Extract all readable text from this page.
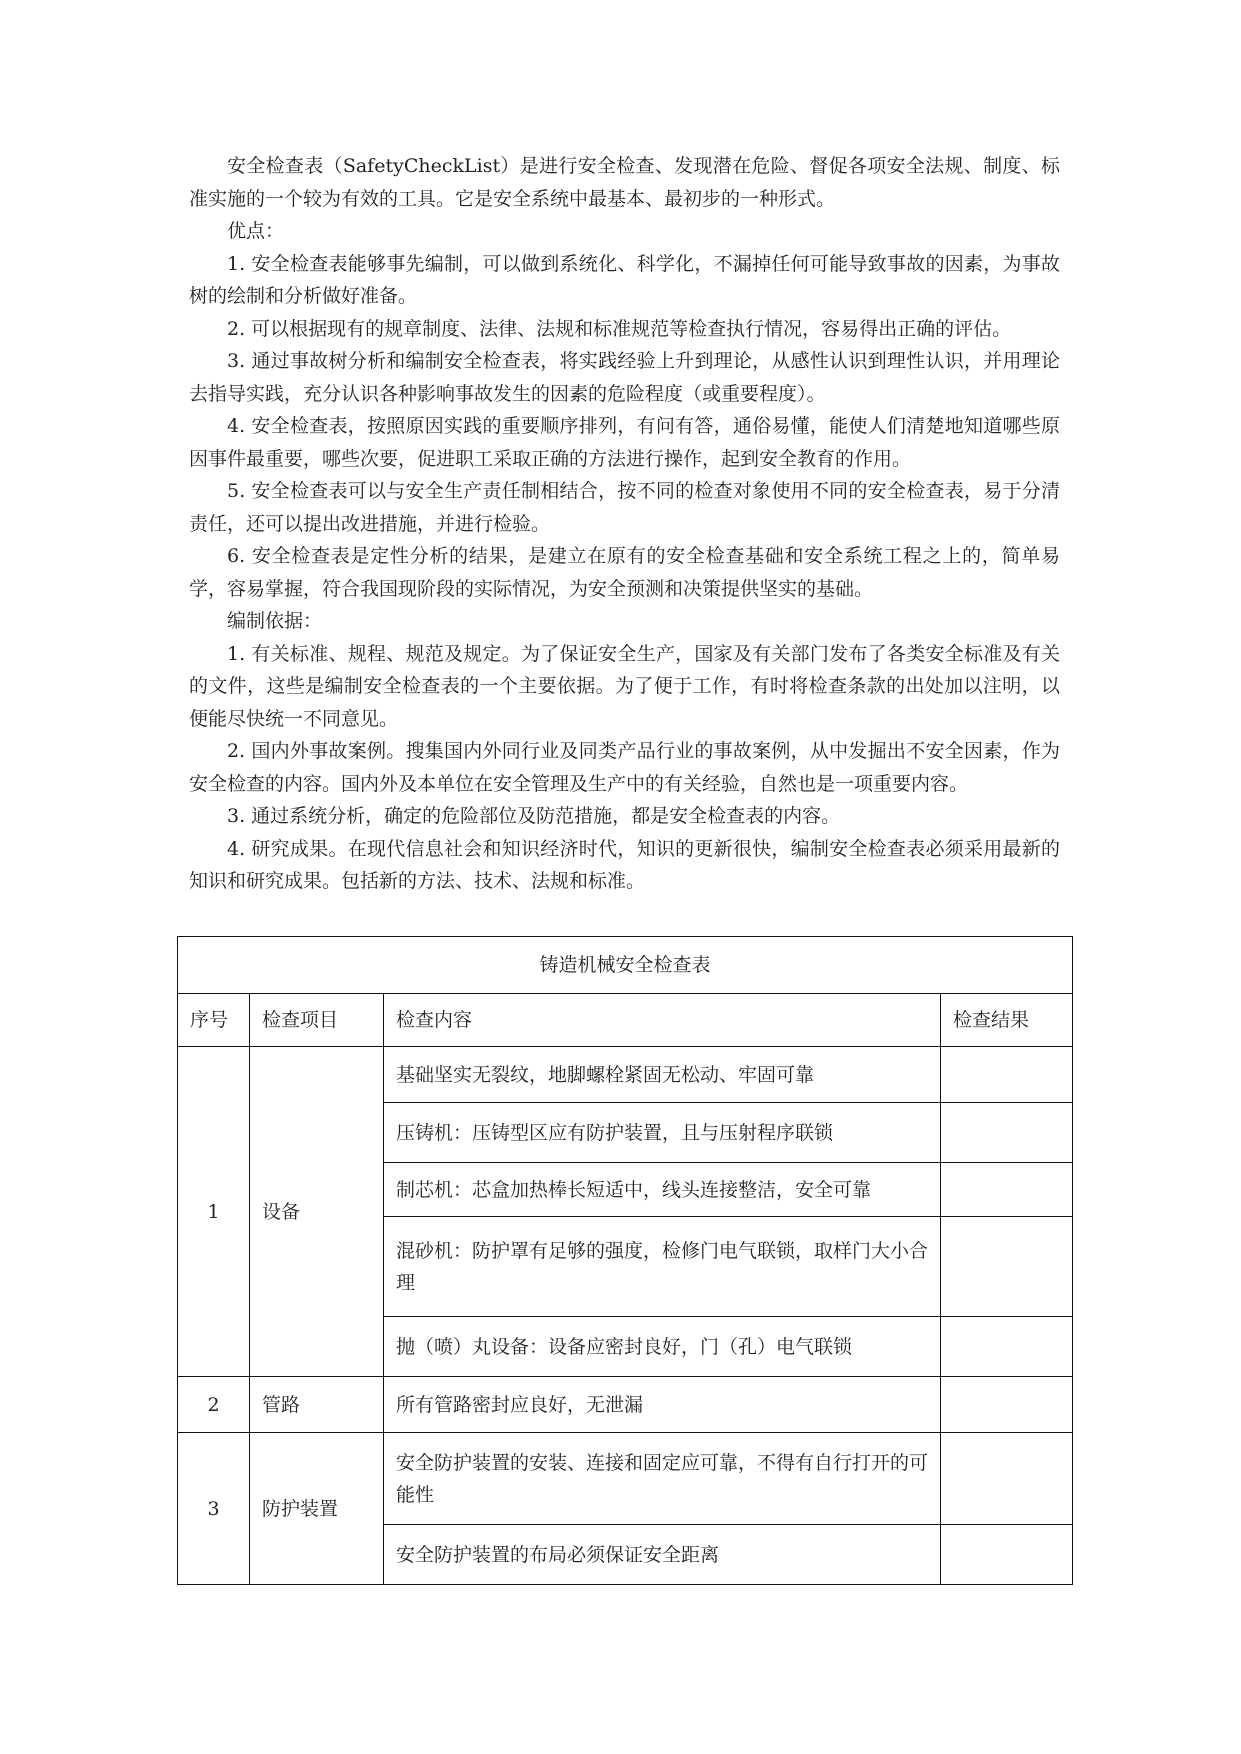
安全检查表（SafetyCheckList）是进行安全检查、发现潜在危险、督促各项安全法规、制度、标准实施的一个较为有效的工具。它是安全系统中最基本、最初步的一种形式。

优点：

1. 安全检查表能够事先编制，可以做到系统化、科学化，不漏掉任何可能导致事故的因素，为事故树的绘制和分析做好准备。

2. 可以根据现有的规章制度、法律、法规和标准规范等检查执行情况，容易得出正确的评估。

3. 通过事故树分析和编制安全检查表，将实践经验上升到理论，从感性认识到理性认识，并用理论去指导实践，充分认识各种影响事故发生的因素的危险程度（或重要程度）。

4. 安全检查表，按照原因实践的重要顺序排列，有问有答，通俗易懂，能使人们清楚地知道哪些原因事件最重要，哪些次要，促进职工采取正确的方法进行操作，起到安全教育的作用。

5. 安全检查表可以与安全生产责任制相结合，按不同的检查对象使用不同的安全检查表，易于分清责任，还可以提出改进措施，并进行检验。

6. 安全检查表是定性分析的结果，是建立在原有的安全检查基础和安全系统工程之上的，简单易学，容易掌握，符合我国现阶段的实际情况，为安全预测和决策提供坚实的基础。

编制依据：

1. 有关标准、规程、规范及规定。为了保证安全生产，国家及有关部门发布了各类安全标准及有关的文件，这些是编制安全检查表的一个主要依据。为了便于工作，有时将检查条款的出处加以注明，以便能尽快统一不同意见。

2. 国内外事故案例。搜集国内外同行业及同类产品行业的事故案例，从中发掘出不安全因素，作为安全检查的内容。国内外及本单位在安全管理及生产中的有关经验，自然也是一项重要内容。

3. 通过系统分析，确定的危险部位及防范措施，都是安全检查表的内容。

4. 研究成果。在现代信息社会和知识经济时代，知识的更新很快，编制安全检查表必须采用最新的知识和研究成果。包括新的方法、技术、法规和标准。

铸造机械安全检查表			
序号	检查项目	检查内容	检查结果
1	设备	基础坚实无裂纹，地脚螺栓紧固无松动、牢固可靠	
		压铸机：压铸型区应有防护装置，且与压射程序联锁	
		制芯机：芯盒加热棒长短适中，线头连接整洁，安全可靠	
		混砂机：防护罩有足够的强度，检修门电气联锁，取样门大小合理	
		抛（喷）丸设备：设备应密封良好，门（孔）电气联锁	
2	管路	所有管路密封应良好，无泄漏	
3	防护装置	安全防护装置的安装、连接和固定应可靠，不得有自行打开的可能性	
		安全防护装置的布局必须保证安全距离	
